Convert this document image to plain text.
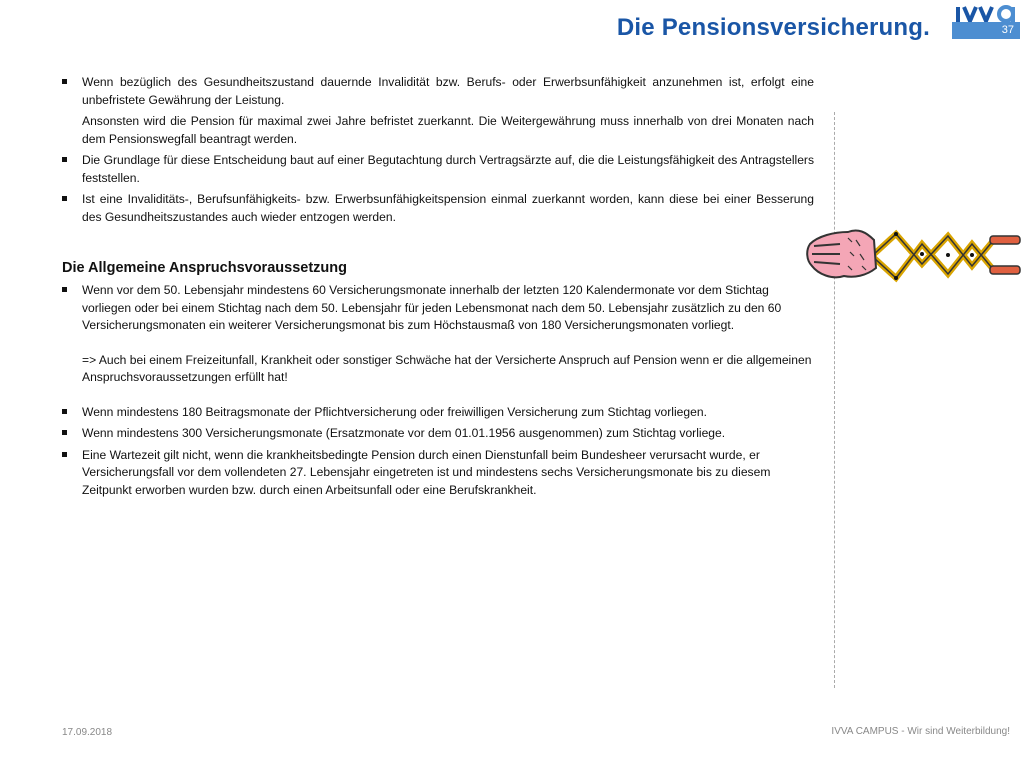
Die Pensionsversicherung.	37

Wenn bezüglich des Gesundheitszustand dauernde Invalidität bzw. Berufs- oder Erwerbsunfähigkeit anzunehmen ist, erfolgt eine unbefristete Gewährung der Leistung.

Ansonsten wird die Pension für maximal zwei Jahre befristet zuerkannt. Die Weitergewährung muss innerhalb von drei Monaten nach dem Pensionswegfall beantragt werden.

Die Grundlage für diese Entscheidung baut auf einer Begutachtung durch Vertragsärzte auf, die die Leistungsfähigkeit des Antragstellers feststellen.

Ist eine Invaliditäts-, Berufsunfähigkeits- bzw. Erwerbsunfähigkeitspension einmal zuerkannt worden, kann diese bei einer Besserung des Gesundheitszustandes auch wieder entzogen werden.

Die Allgemeine Anspruchsvoraussetzung

Wenn vor dem 50. Lebensjahr mindestens 60 Versicherungsmonate innerhalb der letzten 120 Kalendermonate vor dem Stichtag vorliegen oder bei einem Stichtag nach dem 50. Lebensjahr für jeden Lebensmonat nach dem 50. Lebensjahr zusätzlich zu den 60 Versicherungsmonaten ein weiterer Versicherungsmonat bis zum Höchstausmaß von 180 Versicherungsmonaten vorliegt.

=> Auch bei einem Freizeitunfall, Krankheit oder sonstiger Schwäche hat der Versicherte Anspruch auf Pension wenn er die allgemeinen Anspruchsvoraussetzungen erfüllt hat!

Wenn mindestens 180 Beitragsmonate der Pflichtversicherung oder freiwilligen Versicherung zum Stichtag vorliegen.

Wenn mindestens 300 Versicherungsmonate (Ersatzmonate vor dem 01.01.1956 ausgenommen) zum Stichtag vorliege.

Eine Wartezeit gilt nicht, wenn die krankheitsbedingte Pension durch einen Dienstunfall beim Bundesheer verursacht wurde, er Versicherungsfall vor dem vollendeten 27. Lebensjahr eingetreten ist und mindestens sechs Versicherungsmonate bis zu diesem Zeitpunkt erworben wurden bzw. durch einen Arbeitsunfall oder eine Berufskrankheit.

17.09.2018	IVVA CAMPUS - Wir sind Weiterbildung!
